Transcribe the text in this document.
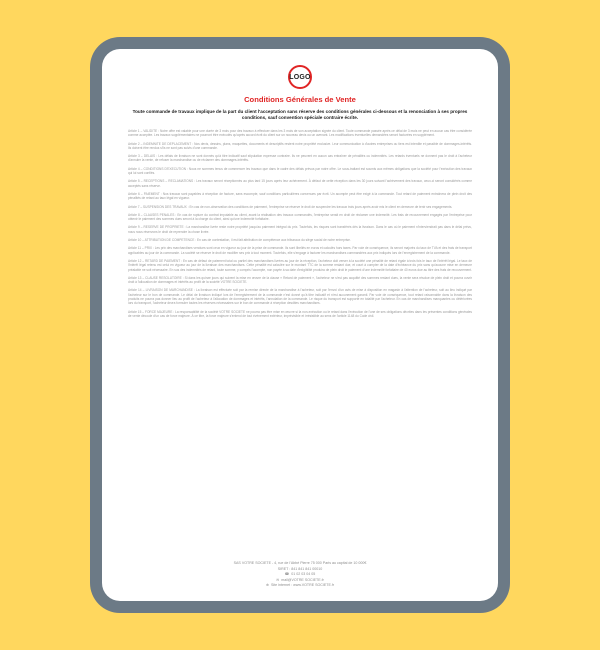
LOGO
Conditions Générales de Vente
Toute commande de travaux implique de la part du client l'acceptation sans réserve des conditions générales ci-dessous et la renonciation à ses propres conditions, sauf convention spéciale contraire écrite.

Article 1 – VALIDITE : Notre offre est valable pour une durée de 3 mois pour des travaux à effectuer dans les 3 mois de son acceptation signée du client. Toute commande passée après ce délai de 3 mois ne peut en aucun cas être considérée comme acceptée. Les travaux supplémentaires ne pourront être exécutés qu'après accord écrit du client sur un nouveau devis ou un avenant. Les modifications éventuelles demandées seront facturées en supplément.

Article 2 – INDEMNITE DE DEPLACEMENT : Nos devis, dessins, plans, maquettes, documents et descriptifs restent notre propriété exclusive. Leur communication à d'autres entreprises ou tiers est interdite et passible de dommages-intérêts. Ils doivent être rendus s'ils ne sont pas suivis d'une commande.

Article 3 – DELAIS : Les délais de livraison ne sont donnés qu'à titre indicatif sauf stipulation expresse contraire. Ils ne peuvent en aucun cas entraîner de pénalités ou indemnités. Les retards éventuels ne donnent pas le droit à l'acheteur d'annuler la vente, de refuser la marchandise ou de réclamer des dommages-intérêts.

Article 4 – CONDITIONS D'EXECUTION : Nous ne sommes tenus de commencer les travaux que dans le cadre des délais prévus par notre offre. Le sous-traitant est soumis aux mêmes obligations que la société pour l'exécution des travaux qui lui sont confiés.

Article 5 – RECEPTIONS – RECLAMATIONS : Les travaux seront réceptionnés au plus tard 15 jours après leur achèvement. À défaut de cette réception dans les 30 jours suivant l'achèvement des travaux, ceux-ci seront considérés comme acceptés sans réserve.

Article 6 – PAIEMENT : Nos travaux sont payables à réception de facture, sans escompte, sauf conditions particulières convenues par écrit. Un acompte peut être exigé à la commande. Tout retard de paiement entraînera de plein droit des pénalités de retard au taux légal en vigueur.

Article 7 – SUSPENSION DES TRAVAUX : En cas de non-observation des conditions de paiement, l'entreprise se réserve le droit de suspendre les travaux trois jours après avoir mis le client en demeure de tenir ses engagements.

Article 8 – CLAUSES PENALES : En cas de rupture du contrat imputable au client, avant la réalisation des travaux commandés, l'entreprise serait en droit de réclamer une indemnité. Les frais de recouvrement engagés par l'entreprise pour obtenir le paiement des sommes dues seront à la charge du client, ainsi qu'une indemnité forfaitaire.

Article 9 – RESERVE DE PROPRIETE : La marchandise livrée reste notre propriété jusqu'au paiement intégral du prix. Toutefois, les risques sont transférés dès la livraison. Dans le cas où le paiement n'interviendrait pas dans le délai prévu, nous nous réservons le droit de reprendre la chose livrée.

Article 10 – ATTRIBUTION DE COMPETENCE : En cas de contestation, il est fait attribution de compétence aux tribunaux du siège social de notre entreprise.

Article 11 – PRIX : Les prix des marchandises vendues sont ceux en vigueur au jour de la prise de commande. Ils sont libellés en euros et calculés hors taxes. Par voie de conséquence, ils seront majorés du taux de TVA et des frais de transport applicables au jour de la commande. La société se réserve le droit de modifier ses prix à tout moment. Toutefois, elle s'engage à facturer les marchandises commandées aux prix indiqués lors de l'enregistrement de la commande.

Article 12 – RETARD DE PAIEMENT : En cas de défaut de paiement total ou partiel des marchandises livrées au jour de la réception, l'acheteur doit verser à la société une pénalité de retard égale à trois fois le taux de l'intérêt légal. Le taux de l'intérêt légal retenu est celui en vigueur au jour de la livraison des marchandises. Cette pénalité est calculée sur le montant TTC de la somme restant due, et court à compter de la date d'échéance du prix sans qu'aucune mise en demeure préalable ne soit nécessaire. En sus des indemnités de retard, toute somme, y compris l'acompte, non payée à sa date d'exigibilité produira de plein droit le paiement d'une indemnité forfaitaire de 40 euros due au titre des frais de recouvrement.

Article 13 – CLAUSE RESOLUTOIRE : Si dans les quinze jours qui suivent la mise en œuvre de la clause « Retard de paiement », l'acheteur ne s'est pas acquitté des sommes restant dues, la vente sera résolue de plein droit et pourra ouvrir droit à l'allocation de dommages et intérêts au profit de la société VOTRE SOCIETE.

Article 14 – LIVRAISON DE MARCHANDISE : La livraison est effectuée soit par la remise directe de la marchandise à l'acheteur, soit par l'envoi d'un avis de mise à disposition en magasin à l'attention de l'acheteur, soit au lieu indiqué par l'acheteur sur le bon de commande. Le délai de livraison indiqué lors de l'enregistrement de la commande n'est donné qu'à titre indicatif et n'est aucunement garanti. Par voie de conséquence, tout retard raisonnable dans la livraison des produits ne pourra pas donner lieu au profit de l'acheteur à l'allocation de dommages et intérêts, l'annulation de la commande. Le risque du transport est supporté en totalité par l'acheteur. En cas de marchandises manquantes ou détériorées lors du transport, l'acheteur devra formuler toutes les réserves nécessaires sur le bon de commande à réception desdites marchandises.

Article 15 – FORCE MAJEURE : La responsabilité de la société VOTRE SOCIETE ne pourra pas être mise en œuvre si la non-exécution ou le retard dans l'exécution de l'une de ses obligations décrites dans les présentes conditions générales de vente découle d'un cas de force majeure. À ce titre, la force majeure s'entend de tout événement extérieur, imprévisible et irrésistible au sens de l'article 1148 du Code civil.

SAS VOTRE SOCIETE - 4, rue de l'Abbé Pierre 75 000 Paris au capital de 10 000€
SIRET : 841 841 841 00010
☎ 01 02 03 04 05
✉ mail@VOTRE SOCIETE.fr
⊕ Site internet : www.VOTRE SOCIETE.fr
